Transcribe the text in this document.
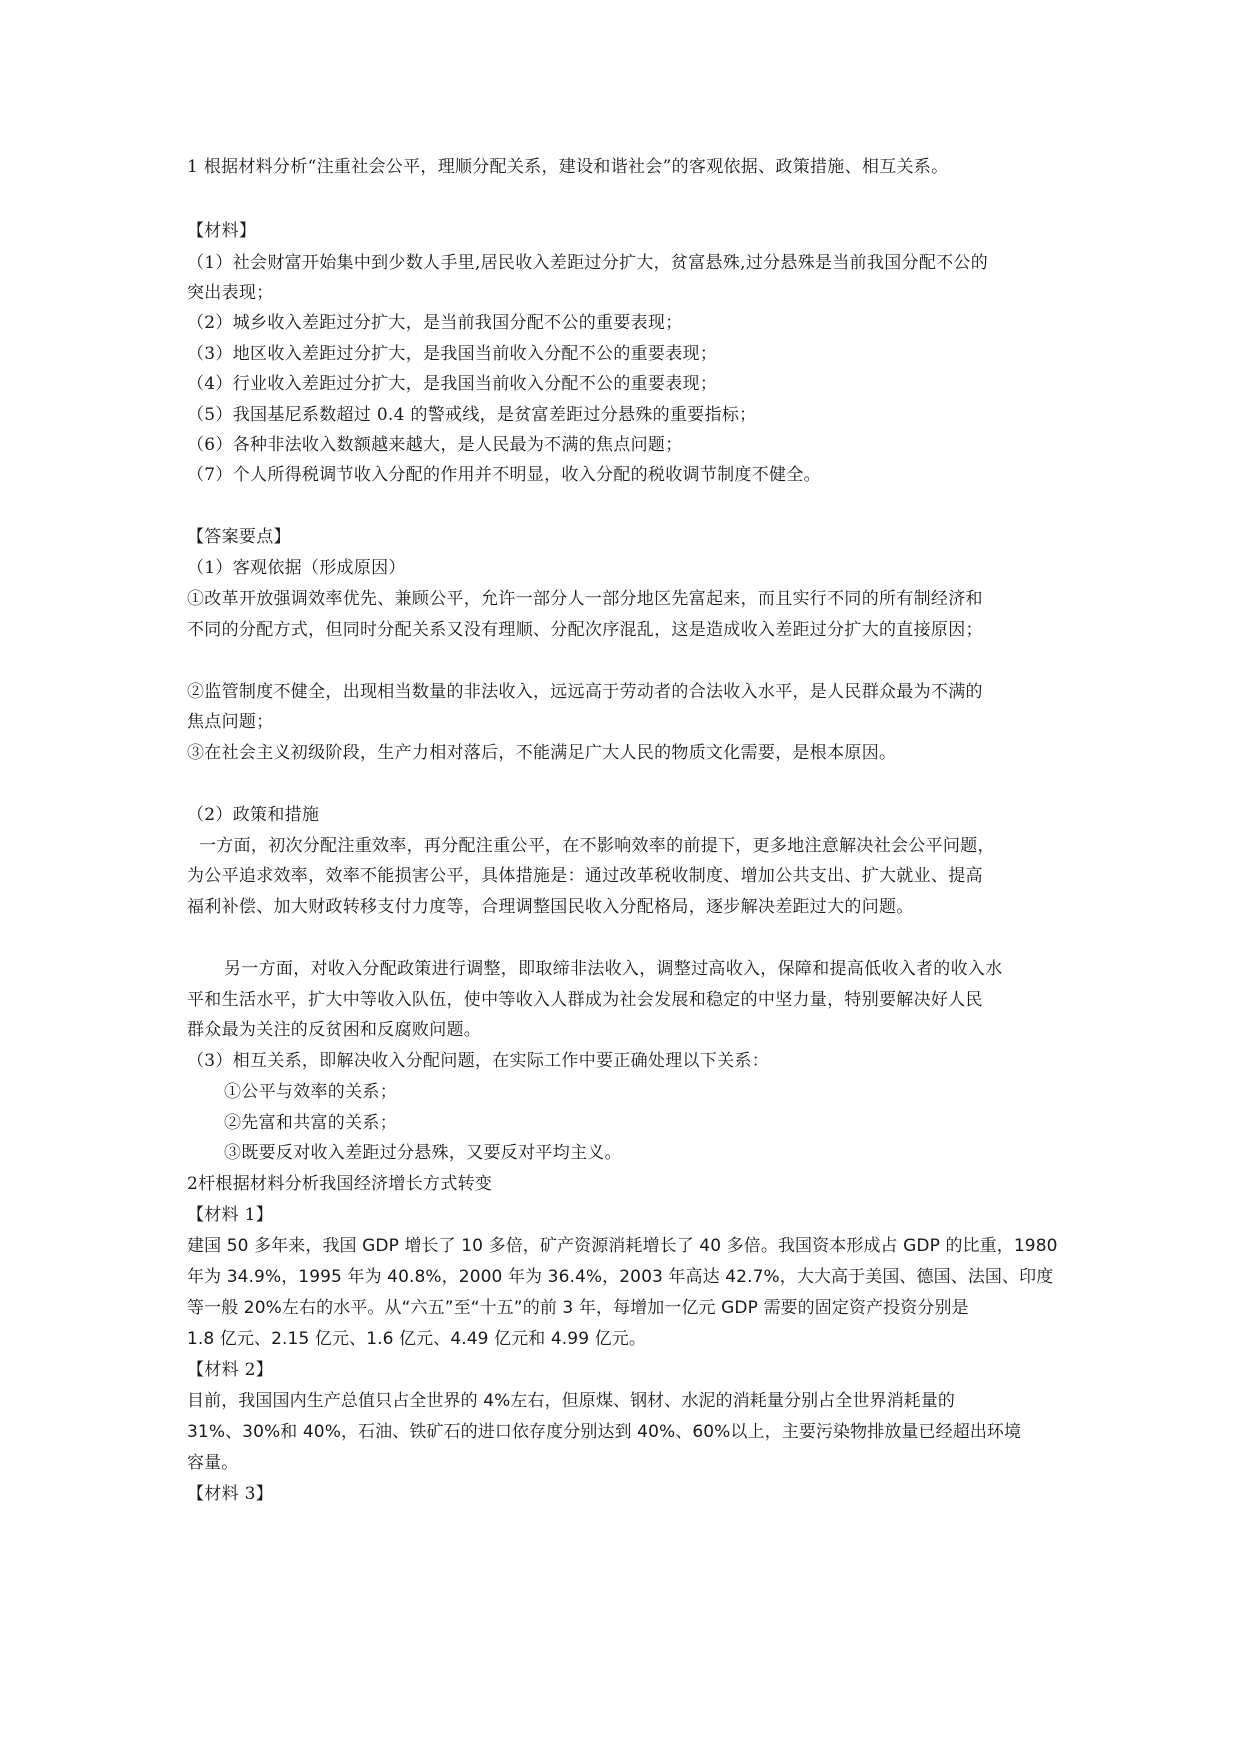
1 根据材料分析“注重社会公平，理顺分配关系，建设和谐社会”的客观依据、政策措施、相互关系。
【材料】
（1）社会财富开始集中到少数人手里,居民收入差距过分扩大，贫富悬殊,过分悬殊是当前我国分配不公的
突出表现；
（2）城乡收入差距过分扩大，是当前我国分配不公的重要表现；
（3）地区收入差距过分扩大，是我国当前收入分配不公的重要表现；
（4）行业收入差距过分扩大，是我国当前收入分配不公的重要表现；
（5）我国基尼系数超过 0.4 的警戒线，是贫富差距过分悬殊的重要指标；
（6）各种非法收入数额越来越大，是人民最为不满的焦点问题；
（7）个人所得税调节收入分配的作用并不明显，收入分配的税收调节制度不健全。
【答案要点】
（1）客观依据（形成原因）
①改革开放强调效率优先、兼顾公平，允许一部分人一部分地区先富起来，而且实行不同的所有制经济和
不同的分配方式，但同时分配关系又没有理顺、分配次序混乱，这是造成收入差距过分扩大的直接原因；
②监管制度不健全，出现相当数量的非法收入，远远高于劳动者的合法收入水平，是人民群众最为不满的
焦点问题；
③在社会主义初级阶段，生产力相对落后，不能满足广大人民的物质文化需要，是根本原因。
（2）政策和措施
一方面，初次分配注重效率，再分配注重公平，在不影响效率的前提下，更多地注意解决社会公平问题，
为公平追求效率，效率不能损害公平，具体措施是：通过改革税收制度、增加公共支出、扩大就业、提高
福利补偿、加大财政转移支付力度等，合理调整国民收入分配格局，逐步解决差距过大的问题。
另一方面，对收入分配政策进行调整，即取缔非法收入，调整过高收入，保障和提高低收入者的收入水
平和生活水平，扩大中等收入队伍，使中等收入人群成为社会发展和稳定的中坚力量，特别要解决好人民
群众最为关注的反贫困和反腐败问题。
（3）相互关系，即解决收入分配问题，在实际工作中要正确处理以下关系：
①公平与效率的关系；
②先富和共富的关系；
③既要反对收入差距过分悬殊，又要反对平均主义。
2杆根据材料分析我国经济增长方式转变
【材料 1】
建国 50 多年来，我国 GDP 增长了 10 多倍，矿产资源消耗增长了 40 多倍。我国资本形成占 GDP 的比重，1980
年为 34.9%，1995 年为 40.8%，2000 年为 36.4%，2003 年高达 42.7%，大大高于美国、德国、法国、印度
等一般 20%左右的水平。从“六五”至“十五”的前 3 年，每增加一亿元 GDP 需要的固定资产投资分别是
1.8 亿元、2.15 亿元、1.6 亿元、4.49 亿元和 4.99 亿元。
【材料 2】
目前，我国国内生产总值只占全世界的 4%左右，但原煤、钢材、水泥的消耗量分别占全世界消耗量的
31%、30%和 40%，石油、铁矿石的进口依存度分别达到 40%、60%以上，主要污染物排放量已经超出环境
容量。
【材料 3】
